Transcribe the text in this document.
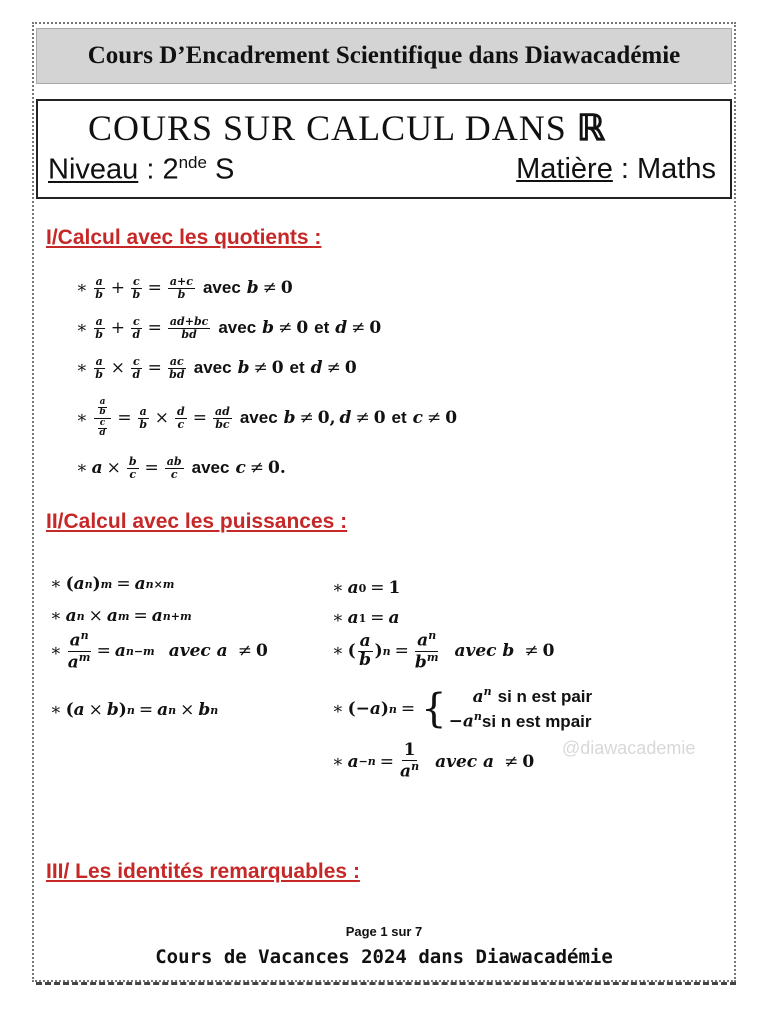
Cours D’Encadrement Scientifique dans Diawacadémie
COURS SUR CALCUL DANS ℝ
Niveau : 2nde S	Matière : Maths
I/Calcul avec les quotients :
∗ $\frac{a}{b} + \frac{c}{b} = \frac{a+c}{b}$ avec b ≠ 0
∗ $\frac{a}{b} + \frac{c}{d} = \frac{ad+bc}{bd}$ avec b ≠ 0 et d ≠ 0
∗ $\frac{a}{b} \times \frac{c}{d} = \frac{ac}{bd}$ avec b ≠ 0 et d ≠ 0
∗ $\frac{\frac{a}{b}}{\frac{c}{d}} = \frac{a}{b} \times \frac{d}{c} = \frac{ad}{bc}$ avec b ≠ 0, d ≠ 0 et c ≠ 0
∗ $a \times \frac{b}{c} = \frac{ab}{c}$ avec c ≠ 0.
II/Calcul avec les puissances :
∗ ( a n ) m = a n×m
∗ a n × a m = a n+m
∗ $\frac{a^n}{a^m} = a$ n−m avec a ≠ 0
∗ ( a × b ) n = a n × b n
∗ a 0 = 1
∗ a 1 = a
∗ ( $\frac{a}{b}$ ) $n = \frac{a^n}{b^m}$ avec b ≠ 0
∗ (− a ) n = {	$a^n$ si n est pair
$-a^nsi$ n est mpair
∗ $a -n = \frac{1}{a^n}$ avec a ≠ 0
@diawacademie
III/ Les identités remarquables :
Page 1 sur 7
Cours de Vacances 2024 dans Diawacadémie
